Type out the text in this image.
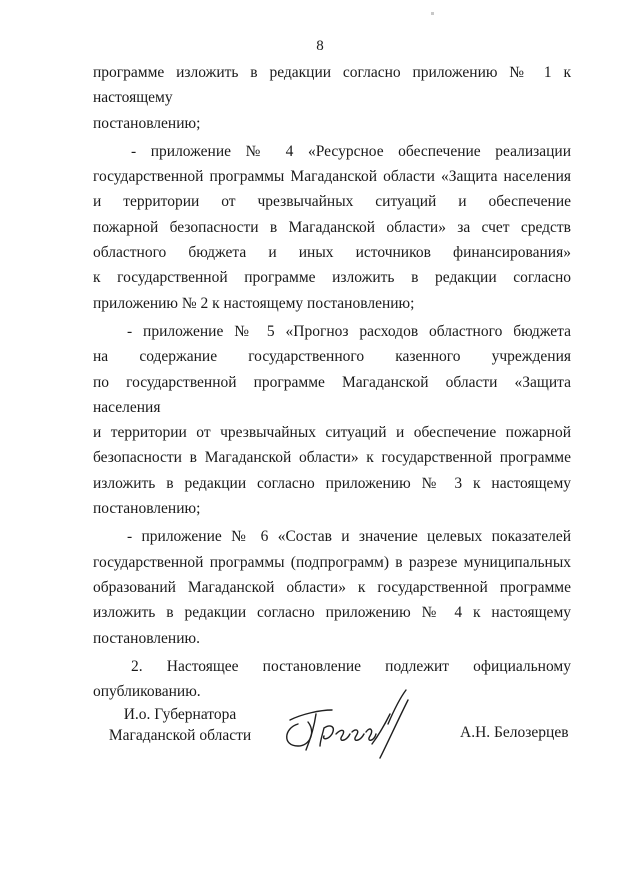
8
программе изложить в редакции согласно приложению № 1 к настоящему
постановлению;
- приложение № 4 «Ресурсное обеспечение реализации
государственной программы Магаданской области «Защита населения
и территории от чрезвычайных ситуаций и обеспечение
пожарной безопасности в Магаданской области» за счет средств
областного бюджета и иных источников финансирования»
к государственной программе изложить в редакции согласно
приложению № 2 к настоящему постановлению;
- приложение № 5 «Прогноз расходов областного бюджета
на содержание государственного казенного учреждения
по государственной программе Магаданской области «Защита населения
и территории от чрезвычайных ситуаций и обеспечение пожарной
безопасности в Магаданской области» к государственной программе
изложить в редакции согласно приложению № 3 к настоящему
постановлению;
- приложение № 6 «Состав и значение целевых показателей
государственной программы (подпрограмм) в разрезе муниципальных
образований Магаданской области» к государственной программе
изложить в редакции согласно приложению № 4 к настоящему
постановлению.
2. Настоящее постановление подлежит официальному
опубликованию.
И.о. Губернатора
Магаданской области	А.Н. Белозерцев
